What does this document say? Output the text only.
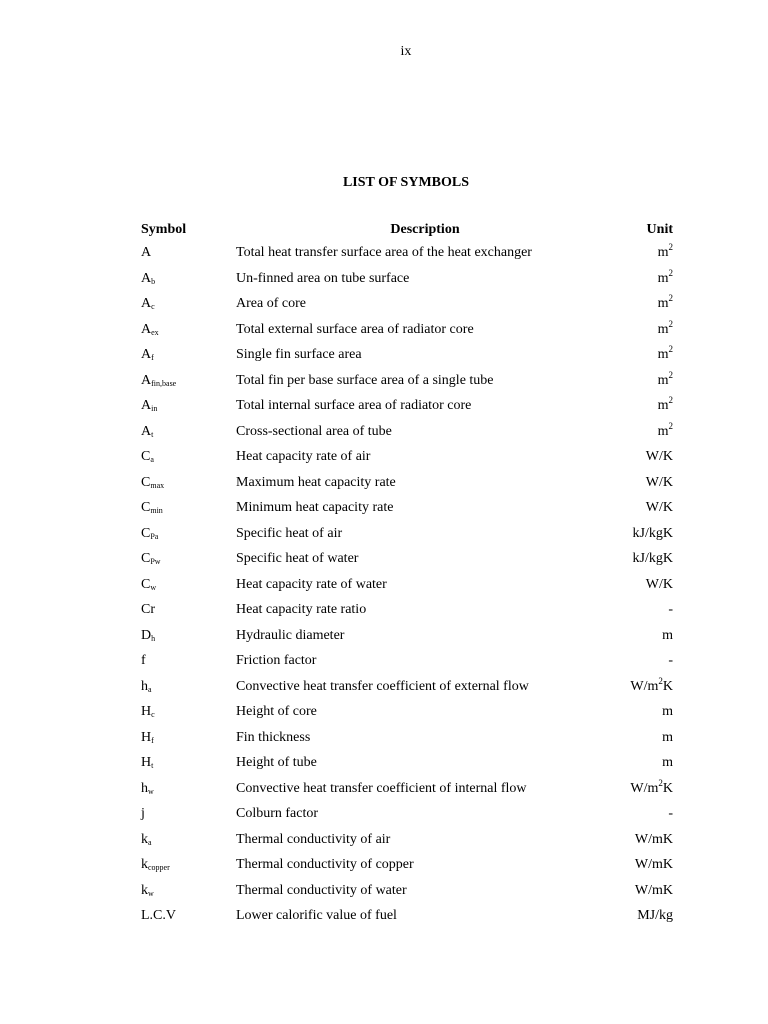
ix
LIST OF SYMBOLS
Symbol	Description	Unit
A	Total heat transfer surface area of the heat exchanger	$m^2$
$A_b$	Un-finned area on tube surface	$m^2$
$A_c$	Area of core	$m^2$
$A_{ex}$	Total external surface area of radiator core	$m^2$
$A_f$	Single fin surface area	$m^2$
$A_{fin,base}$	Total fin per base surface area of a single tube	$m^2$
$A_{in}$	Total internal surface area of radiator core	$m^2$
$A_t$	Cross-sectional area of tube	$m^2$
$C_a$	Heat capacity rate of air	W/K
$C_{max}$	Maximum heat capacity rate	W/K
$C_{min}$	Minimum heat capacity rate	W/K
$C_{Pa}$	Specific heat of air	kJ/kgK
$C_{Pw}$	Specific heat of water	kJ/kgK
$C_w$	Heat capacity rate of water	W/K
Cr	Heat capacity rate ratio	-
$D_h$	Hydraulic diameter	m
f	Friction factor	-
$h_a$	Convective heat transfer coefficient of external flow	$W/m^2K$
$H_c$	Height of core	m
$H_f$	Fin thickness	m
$H_t$	Height of tube	m
$h_w$	Convective heat transfer coefficient of internal flow	$W/m^2K$
j	Colburn factor	-
$k_a$	Thermal conductivity of air	W/mK
$k_{copper}$	Thermal conductivity of copper	W/mK
$k_w$	Thermal conductivity of water	W/mK
L.C.V	Lower calorific value of fuel	MJ/kg
